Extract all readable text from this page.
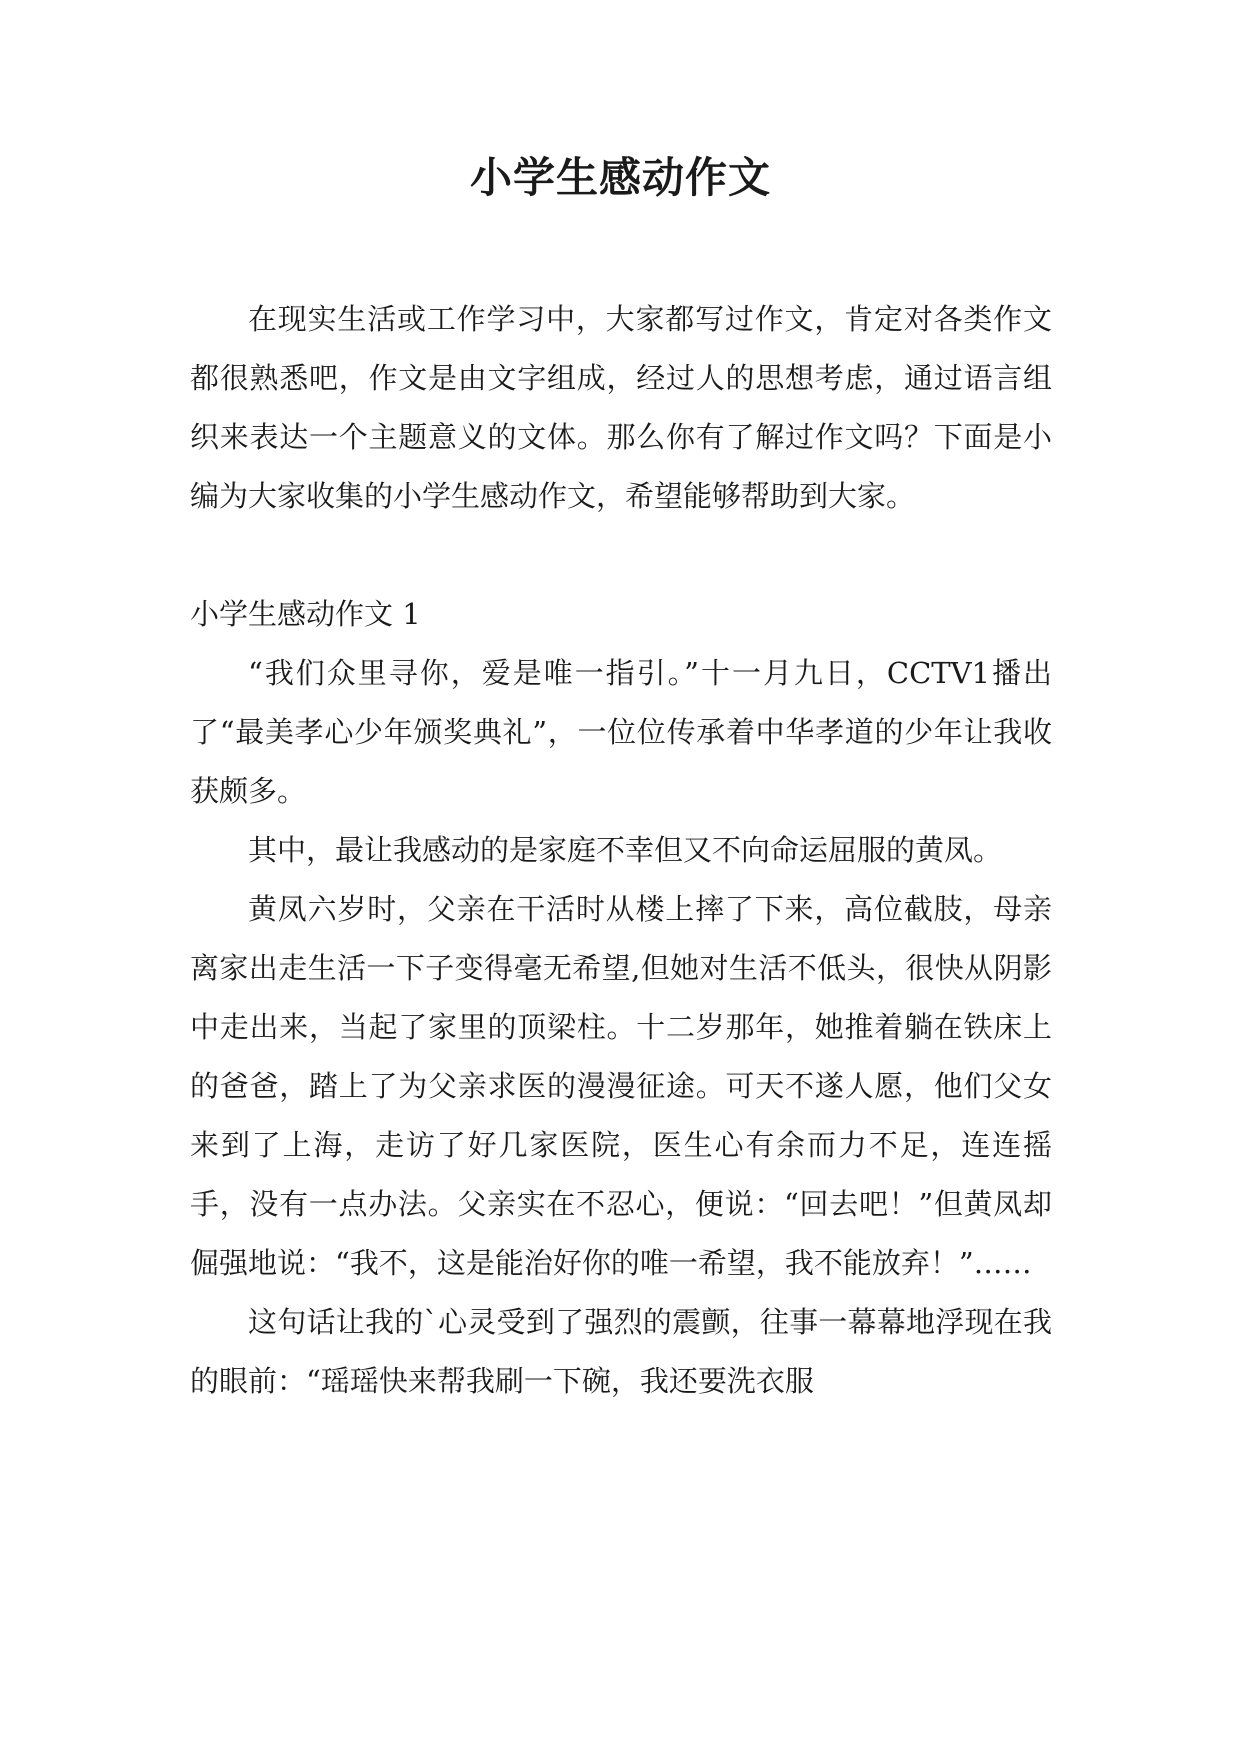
小学生感动作文

在现实生活或工作学习中，大家都写过作文，肯定对各类作文都很熟悉吧，作文是由文字组成，经过人的思想考虑，通过语言组织来表达一个主题意义的文体。那么你有了解过作文吗？下面是小编为大家收集的小学生感动作文，希望能够帮助到大家。

小学生感动作文 1

“我们众里寻你，爱是唯一指引。”十一月九日，CCTV1播出了“最美孝心少年颁奖典礼”，一位位传承着中华孝道的少年让我收获颇多。

其中，最让我感动的是家庭不幸但又不向命运屈服的黄凤。

黄凤六岁时，父亲在干活时从楼上摔了下来，高位截肢，母亲离家出走生活一下子变得毫无希望,但她对生活不低头，很快从阴影中走出来，当起了家里的顶梁柱。十二岁那年，她推着躺在铁床上的爸爸，踏上了为父亲求医的漫漫征途。可天不遂人愿，他们父女来到了上海，走访了好几家医院，医生心有余而力不足，连连摇手，没有一点办法。父亲实在不忍心，便说：“回去吧！”但黄凤却倔强地说：“我不，这是能治好你的唯一希望，我不能放弃！”……

这句话让我的`心灵受到了强烈的震颤，往事一幕幕地浮现在我的眼前：“瑶瑶快来帮我刷一下碗，我还要洗衣服
